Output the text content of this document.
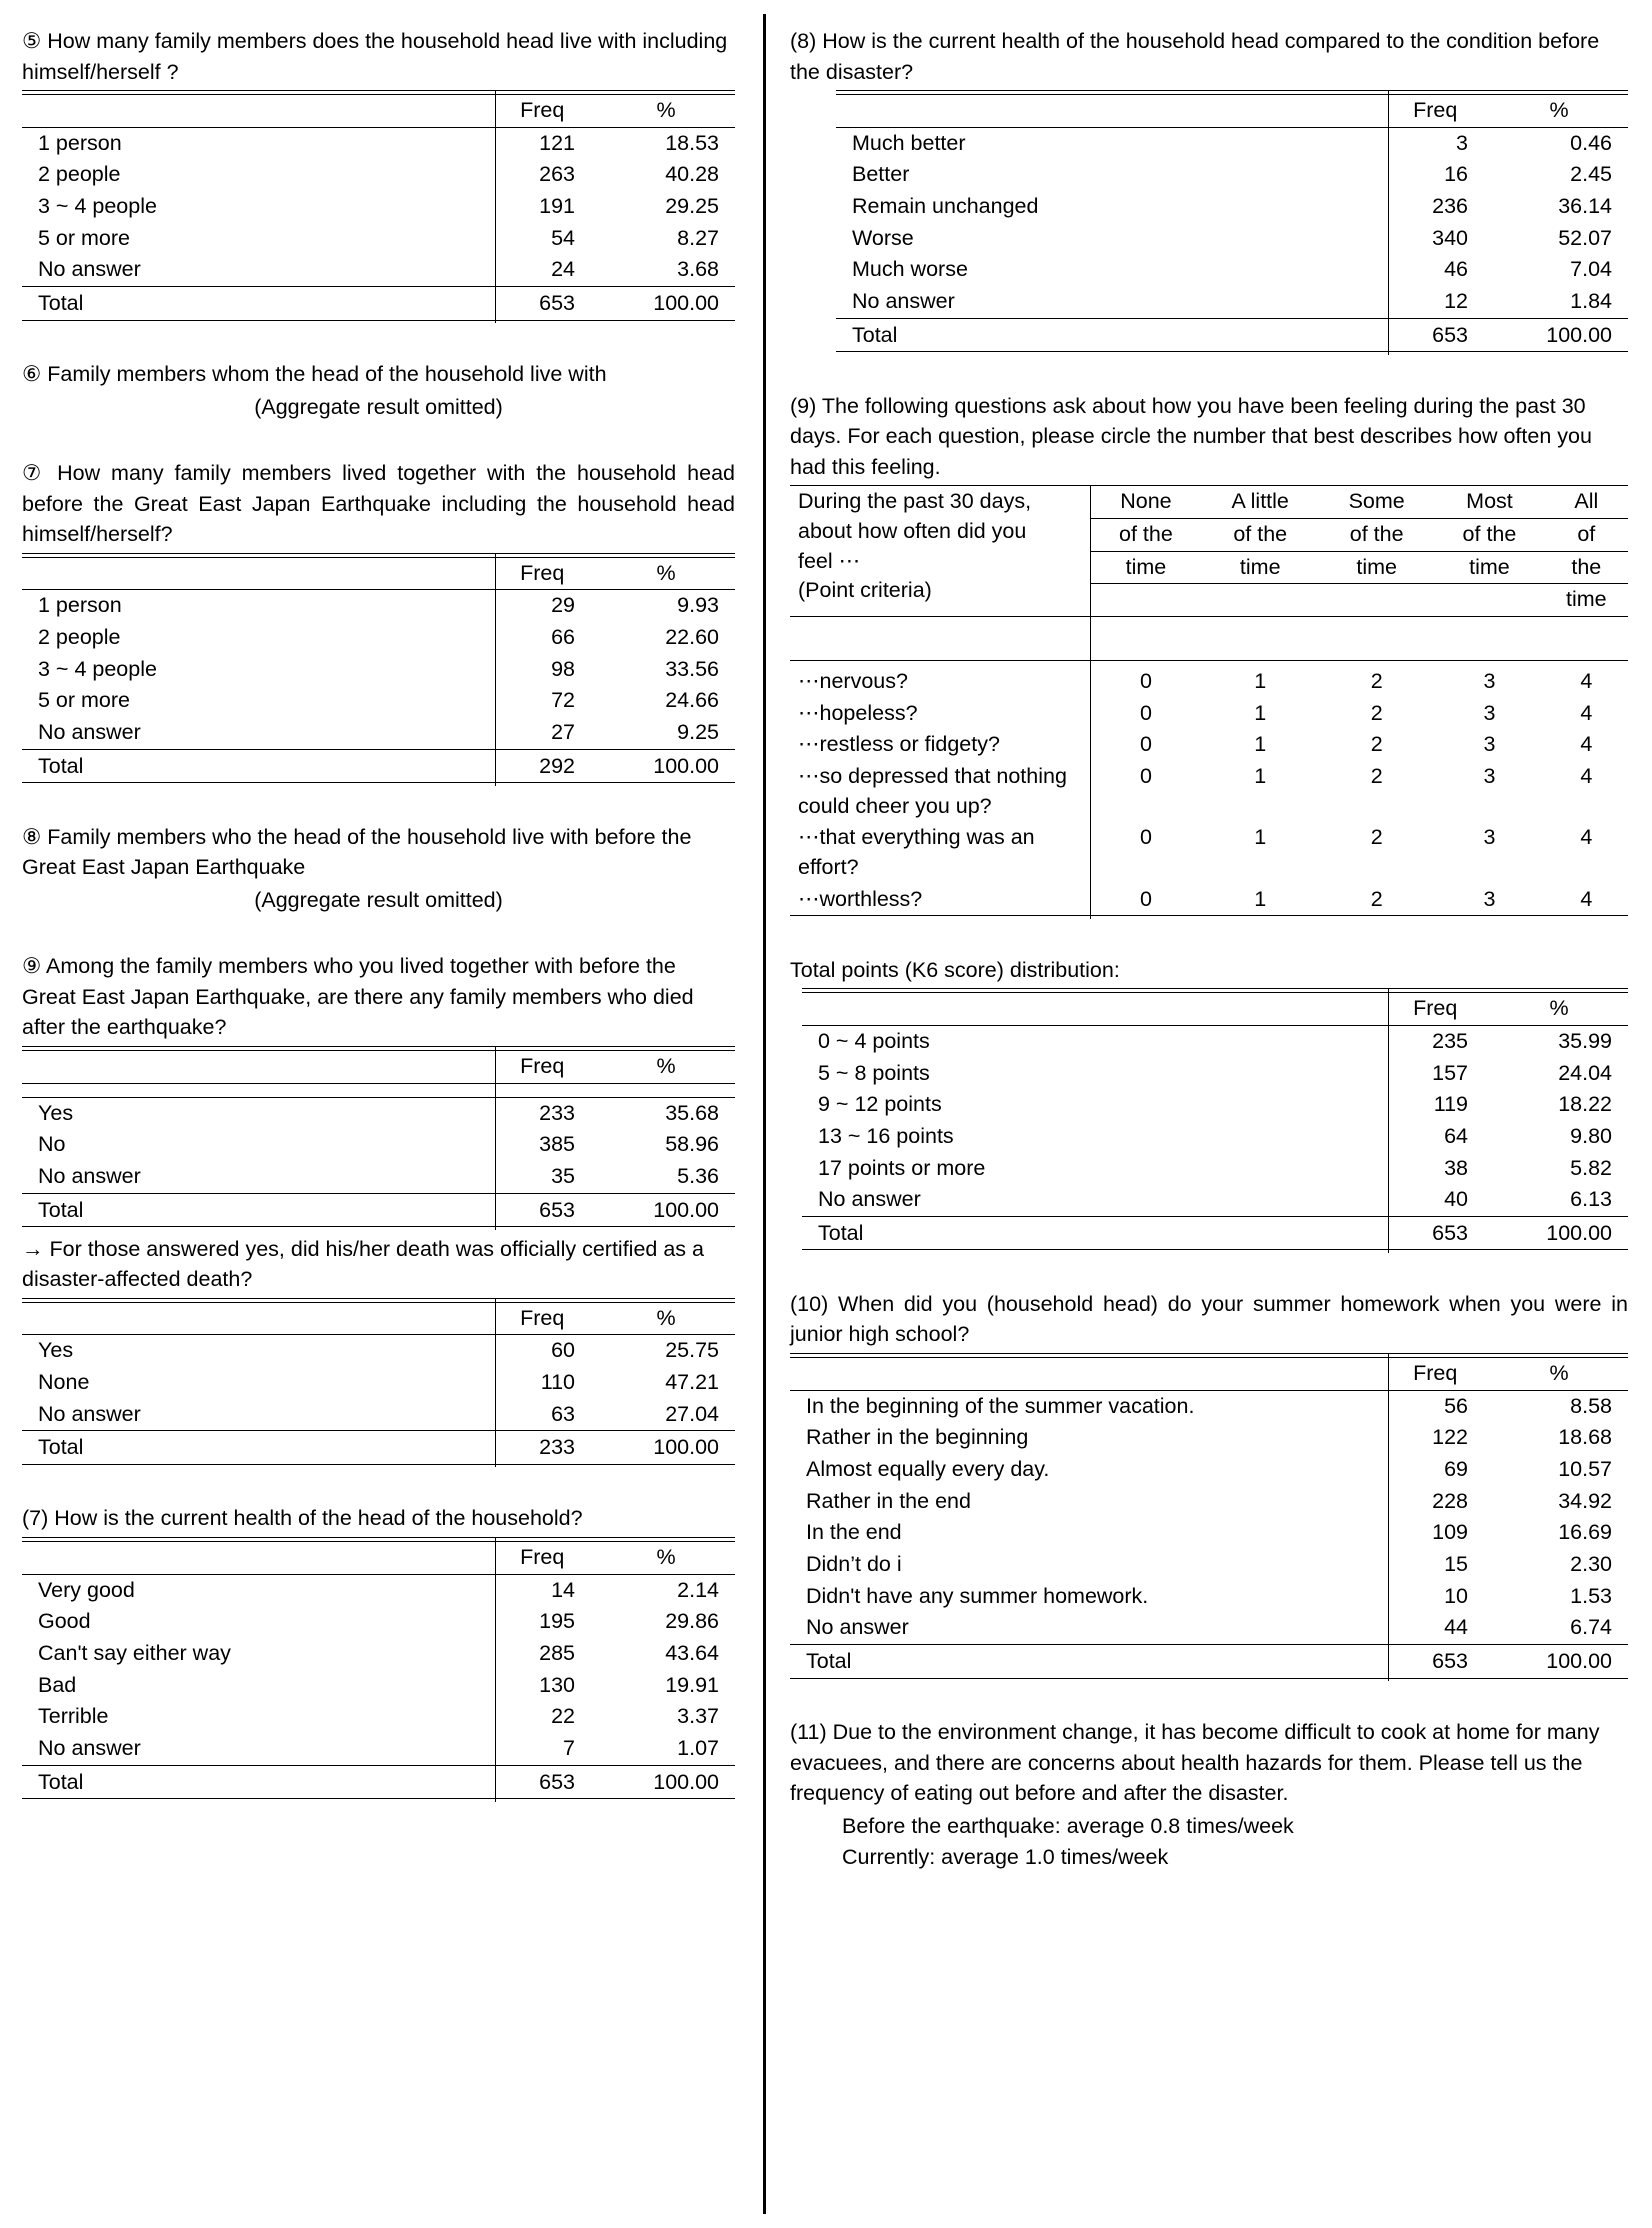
⑤ How many family members does the household head live with including himself/herself ?

	Freq	%
1 person	121	18.53
2 people	263	40.28
3 ~ 4 people	191	29.25
5 or more	54	8.27
No answer	24	3.68
Total	653	100.00

⑥ Family members whom the head of the household live with
(Aggregate result omitted)
⑦ How many family members lived together with the household head before the Great East Japan Earthquake including the household head himself/herself?

	Freq	%
1 person	29	9.93
2 people	66	22.60
3 ~ 4 people	98	33.56
5 or more	72	24.66
No answer	27	9.25
Total	292	100.00

⑧ Family members who the head of the household live with before the Great East Japan Earthquake
(Aggregate result omitted)
⑨ Among the family members who you lived together with before the Great East Japan Earthquake, are there any family members who died after the earthquake?

	Freq	%

Yes	233	35.68
No	385	58.96
No answer	35	5.36
Total	653	100.00

→ For those answered yes, did his/her death was officially certified as a disaster-affected death?

	Freq	%
Yes	60	25.75
None	110	47.21
No answer	63	27.04
Total	233	100.00

(7) How is the current health of the head of the household?

	Freq	%
Very good	14	2.14
Good	195	29.86
Can't say either way	285	43.64
Bad	130	19.91
Terrible	22	3.37
No answer	7	1.07
Total	653	100.00

(8) How is the current health of the household head compared to the condition before the disaster?

	Freq	%
Much better	3	0.46
Better	16	2.45
Remain unchanged	236	36.14
Worse	340	52.07
Much worse	46	7.04
No answer	12	1.84
Total	653	100.00

(9) The following questions ask about how you have been feeling during the past 30 days. For each question, please circle the number that best describes how often you had this feeling.
During the past 30 days,
about how often did you
feel ⋯
(Point criteria)	None	A little	Some	Most	All
	of the	of the	of the	of the	of
	time	time	time	time	the
					time

⋯nervous?	0	1	2	3	4
⋯hopeless?	0	1	2	3	4
⋯restless or fidgety?	0	1	2	3	4
⋯so depressed that nothing could cheer you up?	0	1	2	3	4
⋯that everything was an effort?	0	1	2	3	4
⋯worthless?	0	1	2	3	4

Total points (K6 score) distribution:

	Freq	%
0 ~ 4 points	235	35.99
5 ~ 8 points	157	24.04
9 ~ 12 points	119	18.22
13 ~ 16 points	64	9.80
17 points or more	38	5.82
No answer	40	6.13
Total	653	100.00

(10) When did you (household head) do your summer homework when you were in junior high school?

	Freq	%
In the beginning of the summer vacation.	56	8.58
Rather in the beginning	122	18.68
Almost equally every day.	69	10.57
Rather in the end	228	34.92
In the end	109	16.69
Didn’t do i	15	2.30
Didn't have any summer homework.	10	1.53
No answer	44	6.74
Total	653	100.00

(11) Due to the environment change, it has become difficult to cook at home for many evacuees, and there are concerns about health hazards for them. Please tell us the frequency of eating out before and after the disaster.
Before the earthquake: average 0.8 times/week
Currently: average 1.0 times/week
